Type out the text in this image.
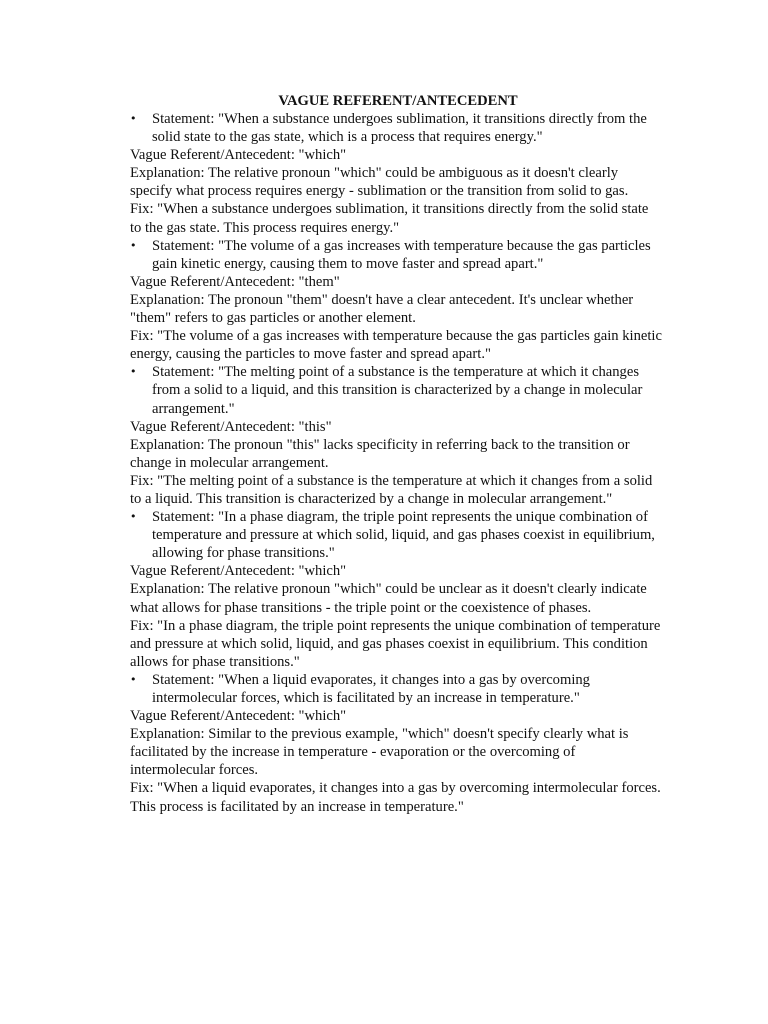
VAGUE REFERENT/ANTECEDENT
•	Statement: "When a substance undergoes sublimation, it transitions directly from the solid state to the gas state, which is a process that requires energy."
Vague Referent/Antecedent: "which"
Explanation: The relative pronoun "which" could be ambiguous as it doesn't clearly specify what process requires energy - sublimation or the transition from solid to gas.
Fix: "When a substance undergoes sublimation, it transitions directly from the solid state to the gas state. This process requires energy."
•	Statement: "The volume of a gas increases with temperature because the gas particles gain kinetic energy, causing them to move faster and spread apart."
Vague Referent/Antecedent: "them"
Explanation: The pronoun "them" doesn't have a clear antecedent. It's unclear whether "them" refers to gas particles or another element.
Fix: "The volume of a gas increases with temperature because the gas particles gain kinetic energy, causing the particles to move faster and spread apart."
•	Statement: "The melting point of a substance is the temperature at which it changes from a solid to a liquid, and this transition is characterized by a change in molecular arrangement."
Vague Referent/Antecedent: "this"
Explanation: The pronoun "this" lacks specificity in referring back to the transition or change in molecular arrangement.
Fix: "The melting point of a substance is the temperature at which it changes from a solid to a liquid. This transition is characterized by a change in molecular arrangement."
•	Statement: "In a phase diagram, the triple point represents the unique combination of temperature and pressure at which solid, liquid, and gas phases coexist in equilibrium, allowing for phase transitions."
Vague Referent/Antecedent: "which"
Explanation: The relative pronoun "which" could be unclear as it doesn't clearly indicate what allows for phase transitions - the triple point or the coexistence of phases.
Fix: "In a phase diagram, the triple point represents the unique combination of temperature and pressure at which solid, liquid, and gas phases coexist in equilibrium. This condition allows for phase transitions."
•	Statement: "When a liquid evaporates, it changes into a gas by overcoming intermolecular forces, which is facilitated by an increase in temperature."
Vague Referent/Antecedent: "which"
Explanation: Similar to the previous example, "which" doesn't specify clearly what is facilitated by the increase in temperature - evaporation or the overcoming of intermolecular forces.
Fix: "When a liquid evaporates, it changes into a gas by overcoming intermolecular forces. This process is facilitated by an increase in temperature."
